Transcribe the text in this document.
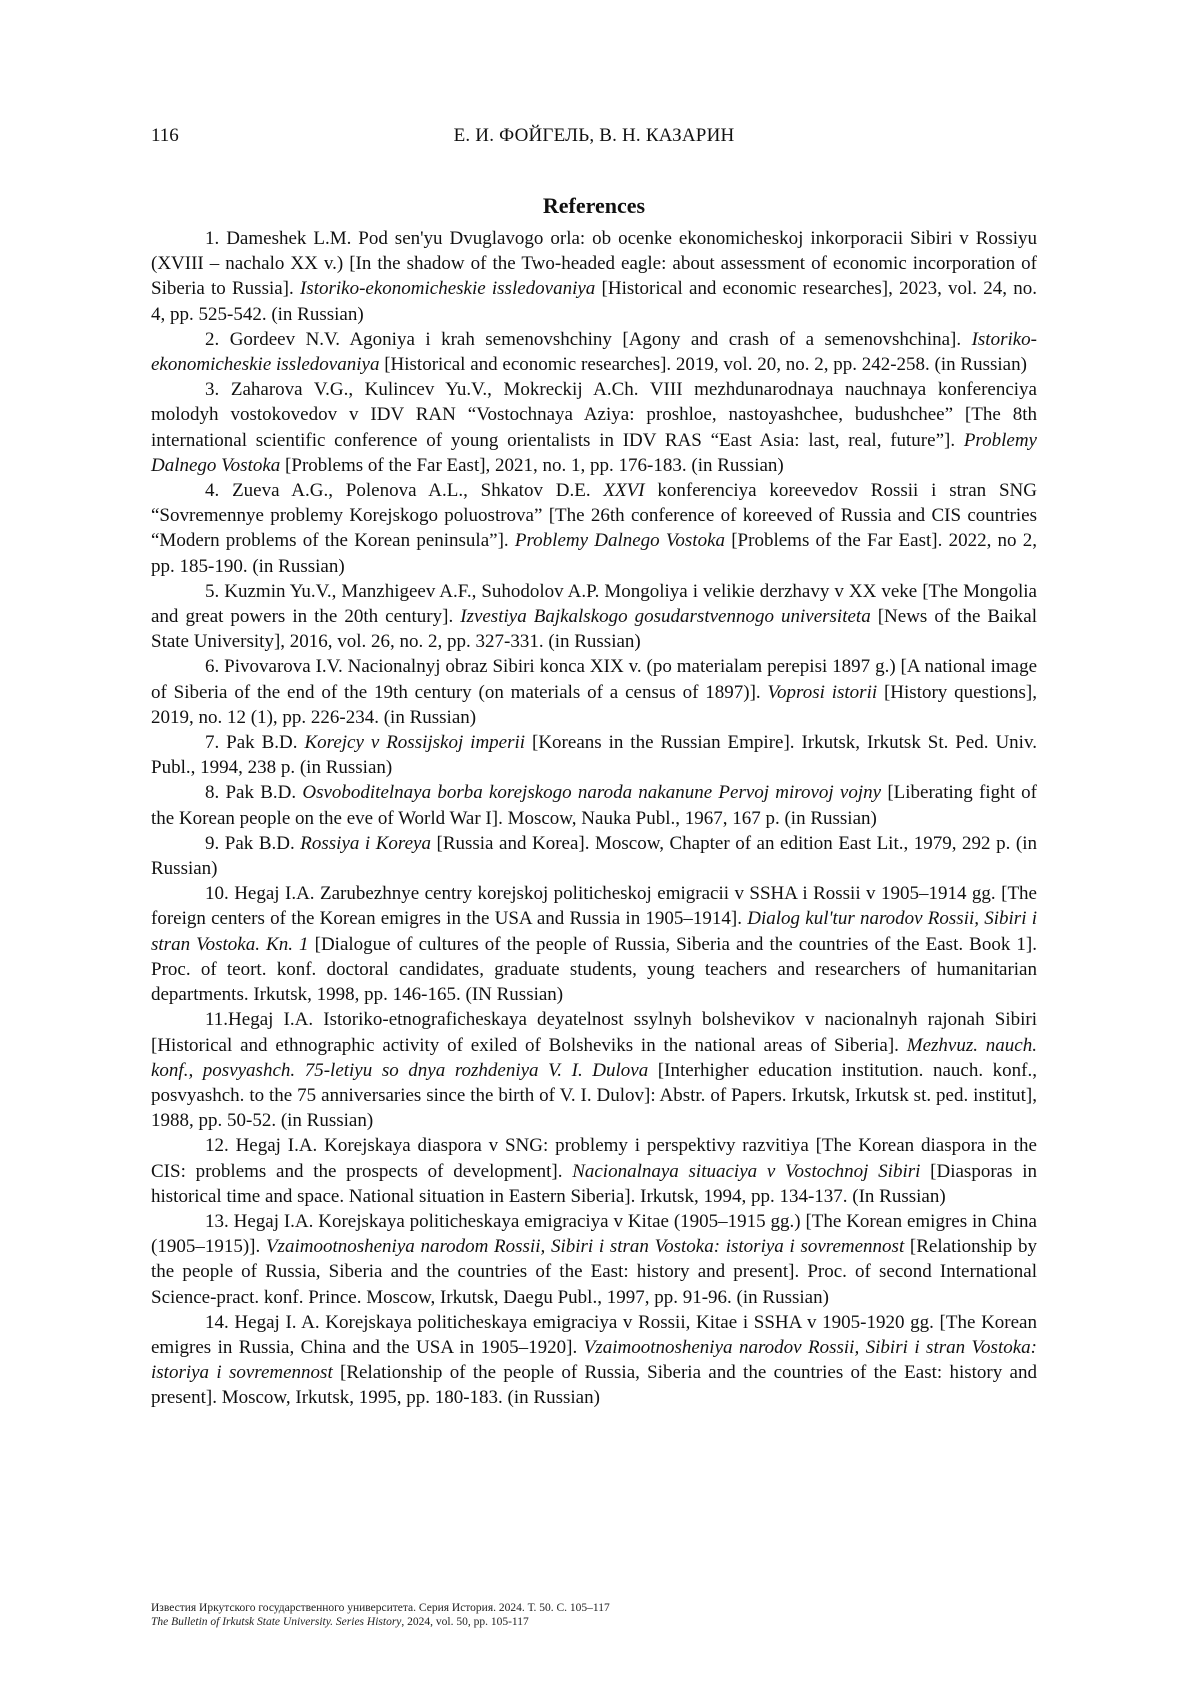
116	Е. И. ФОЙГЕЛЬ, В. Н. КАЗАРИН
References

1. Dameshek L.M. Pod sen'yu Dvuglavogo orla: ob ocenke ekonomicheskoj inkorporacii Sibiri v Rossiyu (XVIII – nachalo XX v.) [In the shadow of the Two-headed eagle: about assessment of economic incorporation of Siberia to Russia]. Istoriko-ekonomicheskie issledovaniya [Historical and economic researches], 2023, vol. 24, no. 4, pp. 525-542. (in Russian)

2. Gordeev N.V. Agoniya i krah semenovshchiny [Agony and crash of a semenovshchina]. Istoriko-ekonomicheskie issledovaniya [Historical and economic researches]. 2019, vol. 20, no. 2, pp. 242-258. (in Russian)

3. Zaharova V.G., Kulincev Yu.V., Mokreckij A.Ch. VIII mezhdunarodnaya nauchnaya konferenciya molodyh vostokovedov v IDV RAN “Vostochnaya Aziya: proshloe, nastoyashchee, budushchee” [The 8th international scientific conference of young orientalists in IDV RAS “East Asia: last, real, future”]. Problemy Dalnego Vostoka [Problems of the Far East], 2021, no. 1, pp. 176-183. (in Russian)

4. Zueva A.G., Polenova A.L., Shkatov D.E. XXVI konferenciya koreevedov Rossii i stran SNG “Sovremennye problemy Korejskogo poluostrova” [The 26th conference of koreeved of Russia and CIS countries “Modern problems of the Korean peninsula”]. Problemy Dalnego Vostoka [Problems of the Far East]. 2022, no 2, pp. 185-190. (in Russian)

5. Kuzmin Yu.V., Manzhigeev A.F., Suhodolov A.P. Mongoliya i velikie derzhavy v XX veke [The Mongolia and great powers in the 20th century]. Izvestiya Bajkalskogo gosudarstvennogo universiteta [News of the Baikal State University], 2016, vol. 26, no. 2, pp. 327-331. (in Russian)

6. Pivovarova I.V. Nacionalnyj obraz Sibiri konca XIX v. (po materialam perepisi 1897 g.) [A national image of Siberia of the end of the 19th century (on materials of a census of 1897)]. Voprosi istorii [History questions], 2019, no. 12 (1), pp. 226-234. (in Russian)

7. Pak B.D. Korejcy v Rossijskoj imperii [Koreans in the Russian Empire]. Irkutsk, Irkutsk St. Ped. Univ. Publ., 1994, 238 p. (in Russian)

8. Pak B.D. Osvoboditelnaya borba korejskogo naroda nakanune Pervoj mirovoj vojny [Liberating fight of the Korean people on the eve of World War I]. Moscow, Nauka Publ., 1967, 167 p. (in Russian)

9. Pak B.D. Rossiya i Koreya [Russia and Korea]. Moscow, Chapter of an edition East Lit., 1979, 292 p. (in Russian)

10. Hegaj I.A. Zarubezhnye centry korejskoj politicheskoj emigracii v SSHA i Rossii v 1905–1914 gg. [The foreign centers of the Korean emigres in the USA and Russia in 1905–1914]. Dialog kul'tur narodov Rossii, Sibiri i stran Vostoka. Kn. 1 [Dialogue of cultures of the people of Russia, Siberia and the countries of the East. Book 1]. Proc. of teort. konf. doctoral candidates, graduate students, young teachers and researchers of humanitarian departments. Irkutsk, 1998, pp. 146-165. (IN Russian)

11.Hegaj I.A. Istoriko-etnograficheskaya deyatelnost ssylnyh bolshevikov v nacionalnyh rajonah Sibiri [Historical and ethnographic activity of exiled of Bolsheviks in the national areas of Siberia]. Mezhvuz. nauch. konf., posvyashch. 75-letiyu so dnya rozhdeniya V. I. Dulova [Interhigher education institution. nauch. konf., posvyashch. to the 75 anniversaries since the birth of V. I. Dulov]: Abstr. of Papers. Irkutsk, Irkutsk st. ped. institut], 1988, pp. 50-52. (in Russian)

12. Hegaj I.A. Korejskaya diaspora v SNG: problemy i perspektivy razvitiya [The Korean diaspora in the CIS: problems and the prospects of development]. Nacionalnaya situaciya v Vostochnoj Sibiri [Diasporas in historical time and space. National situation in Eastern Siberia]. Irkutsk, 1994, pp. 134-137. (In Russian)

13. Hegaj I.A. Korejskaya politicheskaya emigraciya v Kitae (1905–1915 gg.) [The Korean emigres in China (1905–1915)]. Vzaimootnosheniya narodom Rossii, Sibiri i stran Vostoka: istoriya i sovremennost [Relationship by the people of Russia, Siberia and the countries of the East: history and present]. Proc. of second International Science-pract. konf. Prince. Moscow, Irkutsk, Daegu Publ., 1997, pp. 91-96. (in Russian)

14. Hegaj I. A. Korejskaya politicheskaya emigraciya v Rossii, Kitae i SSHA v 1905-1920 gg. [The Korean emigres in Russia, China and the USA in 1905–1920]. Vzaimootnosheniya narodov Rossii, Sibiri i stran Vostoka: istoriya i sovremennost [Relationship of the people of Russia, Siberia and the countries of the East: history and present]. Moscow, Irkutsk, 1995, pp. 180-183. (in Russian)

Известия Иркутского государственного университета. Серия История. 2024. Т. 50. С. 105–117
The Bulletin of Irkutsk State University. Series History, 2024, vol. 50, pp. 105-117
